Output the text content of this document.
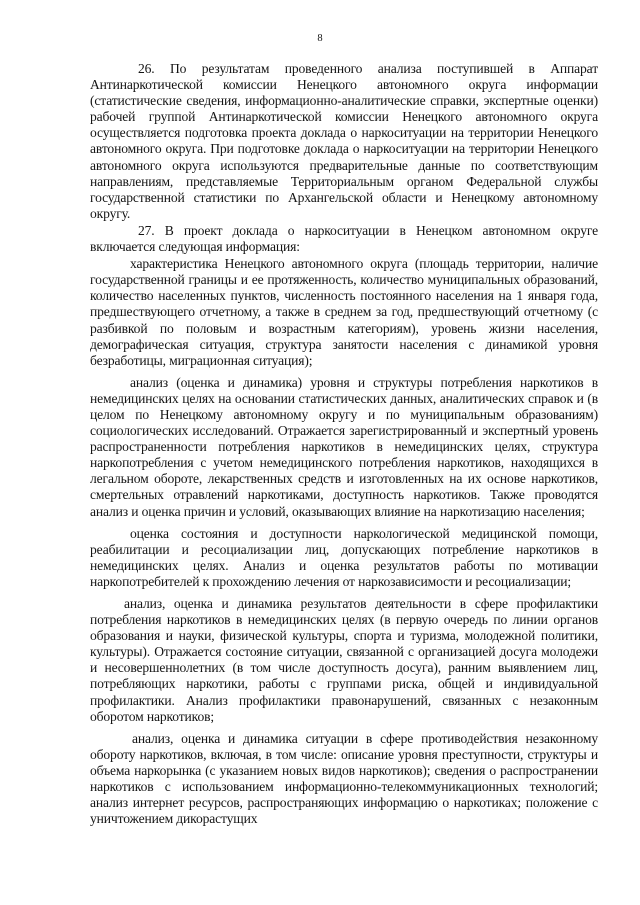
8

26. По результатам проведенного анализа поступившей в Аппарат Антинаркотической комиссии Ненецкого автономного округа информации (статистические сведения, информационно-аналитические справки, экспертные оценки) рабочей группой Антинаркотической комиссии Ненецкого автономного округа осуществляется подготовка проекта доклада о наркоситуации на территории Ненецкого автономного округа. При подготовке доклада о наркоситуации на территории Ненецкого автономного округа используются предварительные данные по соответствующим направлениям, представляемые Территориальным органом Федеральной службы государственной статистики по Архангельской области и Ненецкому автономному округу.

27. В проект доклада о наркоситуации в Ненецком автономном округе включается следующая информация:

характеристика Ненецкого автономного округа (площадь территории, наличие государственной границы и ее протяженность, количество муниципальных образований, количество населенных пунктов, численность постоянного населения на 1 января года, предшествующего отчетному, а также в среднем за год, предшествующий отчетному (с разбивкой по половым и возрастным категориям), уровень жизни населения, демографическая ситуация, структура занятости населения с динамикой уровня безработицы, миграционная ситуация);

анализ (оценка и динамика) уровня и структуры потребления наркотиков в немедицинских целях на основании статистических данных, аналитических справок и (в целом по Ненецкому автономному округу и по муниципальным образованиям) социологических исследований. Отражается зарегистрированный и экспертный уровень распространенности потребления наркотиков в немедицинских целях, структура наркопотребления с учетом немедицинского потребления наркотиков, находящихся в легальном обороте, лекарственных средств и изготовленных на их основе наркотиков, смертельных отравлений наркотиками, доступность наркотиков. Также проводятся анализ и оценка причин и условий, оказывающих влияние на наркотизацию населения;

оценка состояния и доступности наркологической медицинской помощи, реабилитации и ресоциализации лиц, допускающих потребление наркотиков в немедицинских целях. Анализ и оценка результатов работы по мотивации наркопотребителей к прохождению лечения от наркозависимости и ресоциализации;

анализ, оценка и динамика результатов деятельности в сфере профилактики потребления наркотиков в немедицинских целях (в первую очередь по линии органов образования и науки, физической культуры, спорта и туризма, молодежной политики, культуры). Отражается состояние ситуации, связанной с организацией досуга молодежи и несовершеннолетних (в том числе доступность досуга), ранним выявлением лиц, потребляющих наркотики, работы с группами риска, общей и индивидуальной профилактики. Анализ профилактики правонарушений, связанных с незаконным оборотом наркотиков;

анализ, оценка и динамика ситуации в сфере противодействия незаконному обороту наркотиков, включая, в том числе: описание уровня преступности, структуры и объема наркорынка (с указанием новых видов наркотиков); сведения о распространении наркотиков с использованием информационно-телекоммуникационных технологий; анализ интернет ресурсов, распространяющих информацию о наркотиках; положение с уничтожением дикорастущих
